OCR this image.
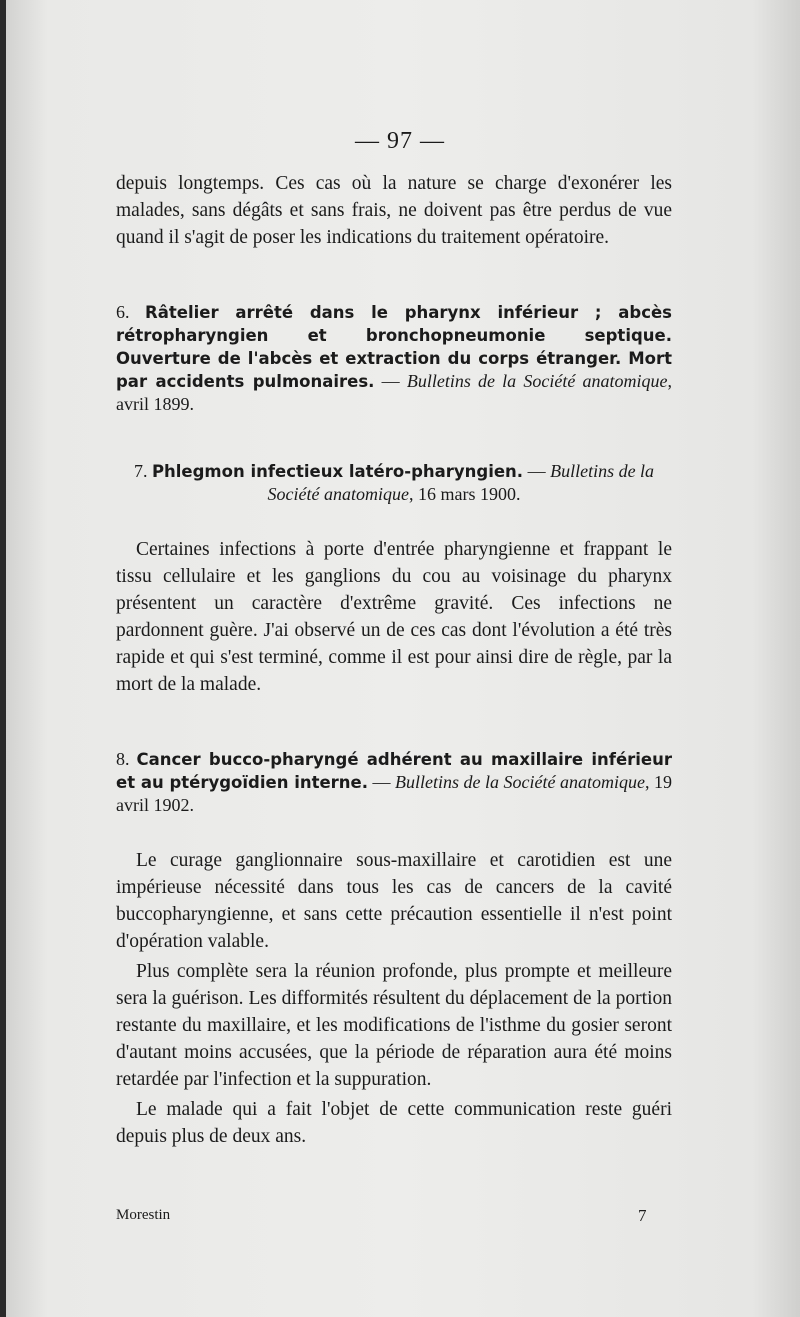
— 97 —

depuis longtemps. Ces cas où la nature se charge d'exonérer les malades, sans dégâts et sans frais, ne doivent pas être perdus de vue quand il s'agit de poser les indications du traitement opératoire.

6. Râtelier arrêté dans le pharynx inférieur ; abcès rétropharyngien et bronchopneumonie septique. Ouverture de l'abcès et extraction du corps étranger. Mort par accidents pulmonaires. — Bulletins de la Société anatomique, avril 1899.

7. Phlegmon infectieux latéro-pharyngien. — Bulletins de la Société anatomique, 16 mars 1900.

Certaines infections à porte d'entrée pharyngienne et frappant le tissu cellulaire et les ganglions du cou au voisinage du pharynx présentent un caractère d'extrême gravité. Ces infections ne pardonnent guère. J'ai observé un de ces cas dont l'évolution a été très rapide et qui s'est terminé, comme il est pour ainsi dire de règle, par la mort de la malade.

8. Cancer bucco-pharyngé adhérent au maxillaire inférieur et au ptérygoïdien interne. — Bulletins de la Société anatomique, 19 avril 1902.

Le curage ganglionnaire sous-maxillaire et carotidien est une impérieuse nécessité dans tous les cas de cancers de la cavité buccopharyngienne, et sans cette précaution essentielle il n'est point d'opération valable.

Plus complète sera la réunion profonde, plus prompte et meilleure sera la guérison. Les difformités résultent du déplacement de la portion restante du maxillaire, et les modifications de l'isthme du gosier seront d'autant moins accusées, que la période de réparation aura été moins retardée par l'infection et la suppuration.

Le malade qui a fait l'objet de cette communication reste guéri depuis plus de deux ans.

Morestin	7
